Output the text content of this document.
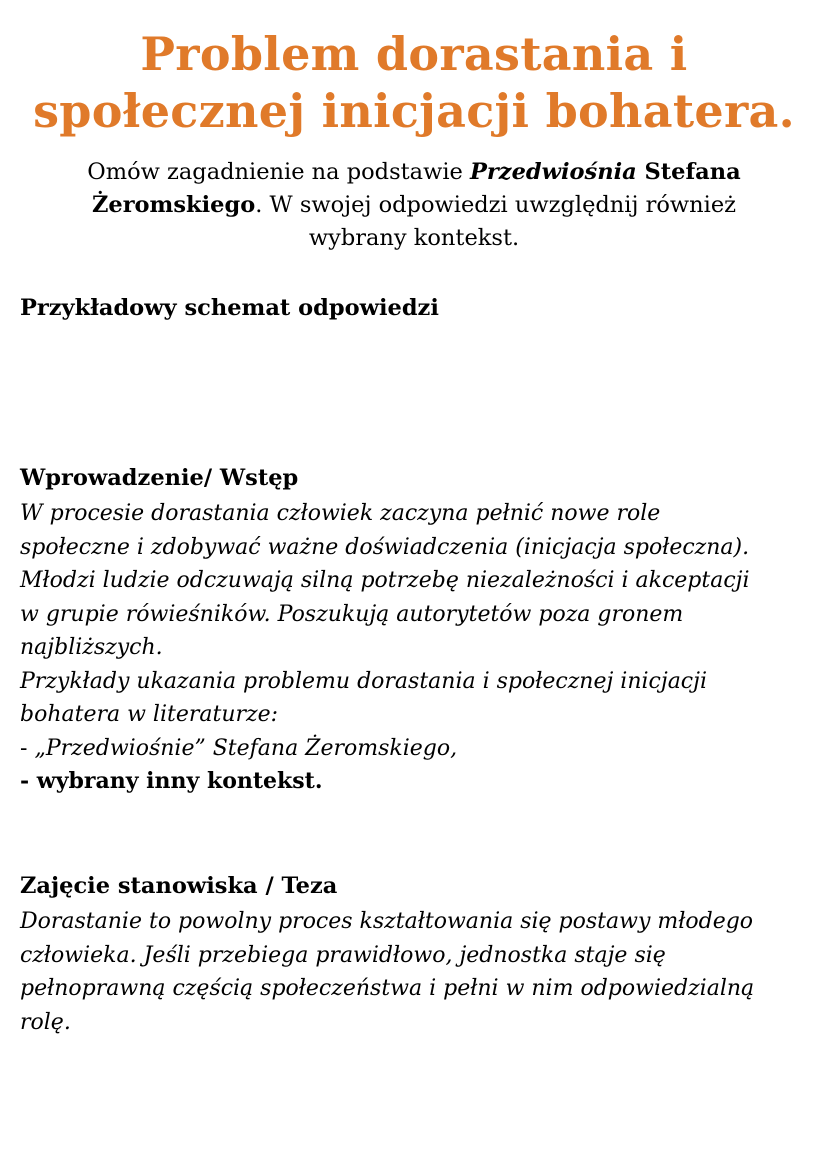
Problem dorastania i
społecznej inicjacji bohatera.
Omów zagadnienie na podstawie Przedwiośnia Stefana
Żeromskiego. W swojej odpowiedzi uwzględnij również
wybrany kontekst.
Przykładowy schemat odpowiedzi
Wprowadzenie/ Wstęp
W procesie dorastania człowiek zaczyna pełnić nowe role
społeczne i zdobywać ważne doświadczenia (inicjacja społeczna).
Młodzi ludzie odczuwają silną potrzebę niezależności i akceptacji
w grupie rówieśników. Poszukują autorytetów poza gronem
najbliższych.
Przykłady ukazania problemu dorastania i społecznej inicjacji
bohatera w literaturze:
- „Przedwiośnie” Stefana Żeromskiego,
- wybrany inny kontekst.
Zajęcie stanowiska / Teza
Dorastanie to powolny proces kształtowania się postawy młodego
człowieka. Jeśli przebiega prawidłowo, jednostka staje się
pełnoprawną częścią społeczeństwa i pełni w nim odpowiedzialną
rolę.
